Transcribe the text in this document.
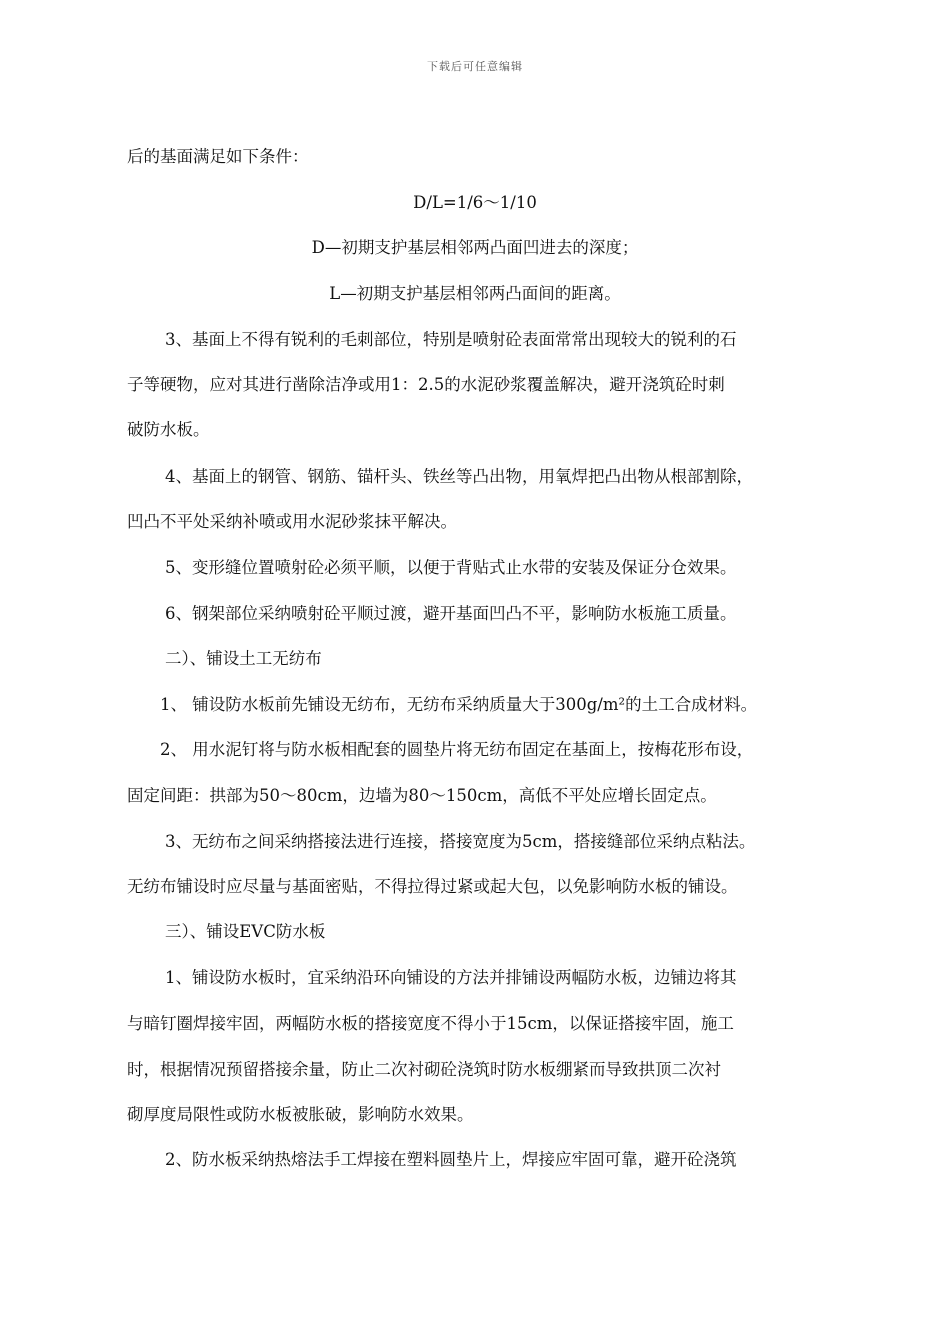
下载后可任意编辑
后的基面满足如下条件：
D/L=1/6～1/10
D—初期支护基层相邻两凸面凹进去的深度；
L—初期支护基层相邻两凸面间的距离。
3、基面上不得有锐利的毛刺部位，特别是喷射砼表面常常出现较大的锐利的石
子等硬物，应对其进行凿除洁净或用1：2.5的水泥砂浆覆盖解决，避开浇筑砼时刺
破防水板。
4、基面上的钢管、钢筋、锚杆头、铁丝等凸出物，用氧焊把凸出物从根部割除，
凹凸不平处采纳补喷或用水泥砂浆抹平解决。
5、变形缝位置喷射砼必须平顺，以便于背贴式止水带的安装及保证分仓效果。
6、钢架部位采纳喷射砼平顺过渡，避开基面凹凸不平，影响防水板施工质量。
二）、铺设土工无纺布
1、 铺设防水板前先铺设无纺布，无纺布采纳质量大于300g/m²的土工合成材料。
2、 用水泥钉将与防水板相配套的圆垫片将无纺布固定在基面上，按梅花形布设，
固定间距：拱部为50～80cm，边墙为80～150cm，高低不平处应增长固定点。
3、无纺布之间采纳搭接法进行连接，搭接宽度为5cm，搭接缝部位采纳点粘法。
无纺布铺设时应尽量与基面密贴，不得拉得过紧或起大包，以免影响防水板的铺设。
三）、铺设EVC防水板
1、铺设防水板时，宜采纳沿环向铺设的方法并排铺设两幅防水板，边铺边将其
与暗钉圈焊接牢固，两幅防水板的搭接宽度不得小于15cm，以保证搭接牢固，施工
时，根据情况预留搭接余量，防止二次衬砌砼浇筑时防水板绷紧而导致拱顶二次衬
砌厚度局限性或防水板被胀破，影响防水效果。
2、防水板采纳热熔法手工焊接在塑料圆垫片上，焊接应牢固可靠，避开砼浇筑
